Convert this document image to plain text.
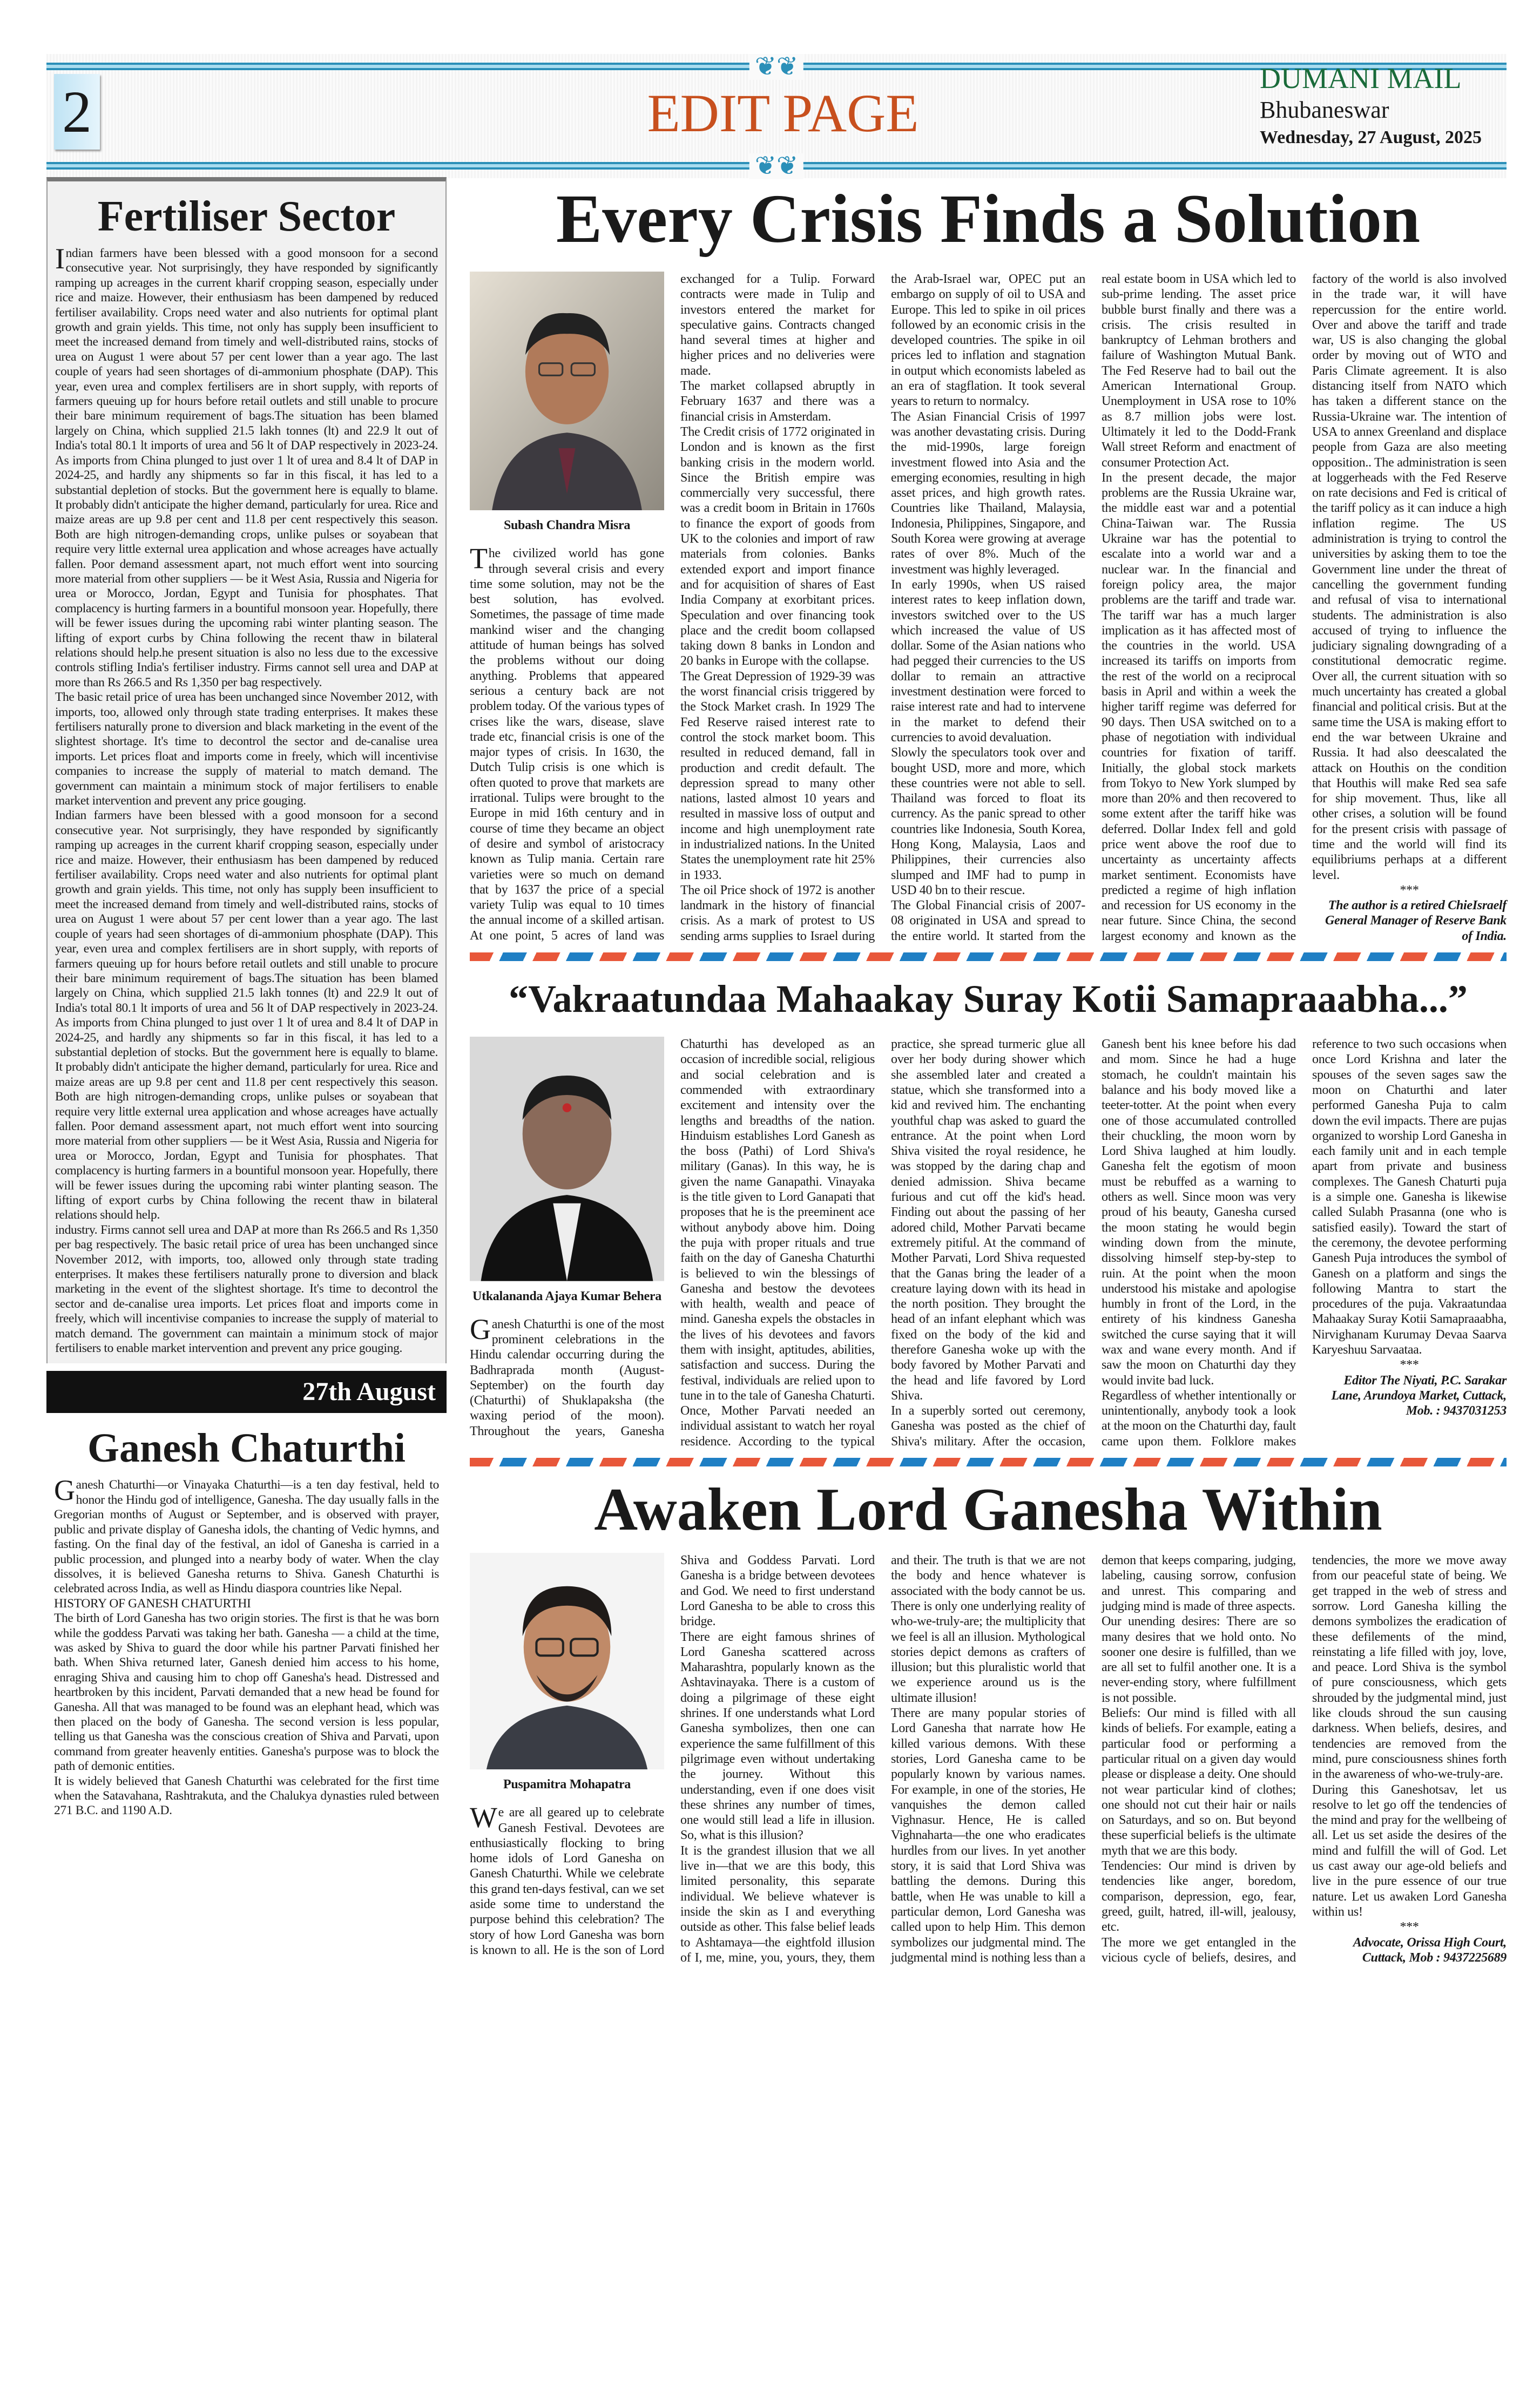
❦❦
❦❦
2	EDIT PAGE
DUMANI MAIL
Bhubaneswar
Wednesday, 27 August, 2025
Fertiliser Sector

Indian farmers have been blessed with a good monsoon for a second consecutive year. Not surprisingly, they have responded by significantly ramping up acreages in the current kharif cropping season, especially under rice and maize. However, their enthusiasm has been dampened by reduced fertiliser availability. Crops need water and also nutrients for optimal plant growth and grain yields. This time, not only has supply been insufficient to meet the increased demand from timely and well-distributed rains, stocks of urea on August 1 were about 57 per cent lower than a year ago. The last couple of years had seen shortages of di-ammonium phosphate (DAP). This year, even urea and complex fertilisers are in short supply, with reports of farmers queuing up for hours before retail outlets and still unable to procure their bare minimum requirement of bags.The situation has been blamed largely on China, which supplied 21.5 lakh tonnes (lt) and 22.9 lt out of India's total 80.1 lt imports of urea and 56 lt of DAP respectively in 2023-24. As imports from China plunged to just over 1 lt of urea and 8.4 lt of DAP in 2024-25, and hardly any shipments so far in this fiscal, it has led to a substantial depletion of stocks. But the government here is equally to blame. It probably didn't anticipate the higher demand, particularly for urea. Rice and maize areas are up 9.8 per cent and 11.8 per cent respectively this season. Both are high nitrogen-demanding crops, unlike pulses or soyabean that require very little external urea application and whose acreages have actually fallen. Poor demand assessment apart, not much effort went into sourcing more material from other suppliers — be it West Asia, Russia and Nigeria for urea or Morocco, Jordan, Egypt and Tunisia for phosphates. That complacency is hurting farmers in a bountiful monsoon year. Hopefully, there will be fewer issues during the upcoming rabi winter planting season. The lifting of export curbs by China following the recent thaw in bilateral relations should help.he present situation is also no less due to the excessive controls stifling India's fertiliser industry. Firms cannot sell urea and DAP at more than Rs 266.5 and Rs 1,350 per bag respectively.

The basic retail price of urea has been unchanged since November 2012, with imports, too, allowed only through state trading enterprises. It makes these fertilisers naturally prone to diversion and black marketing in the event of the slightest shortage. It's time to decontrol the sector and de-canalise urea imports. Let prices float and imports come in freely, which will incentivise companies to increase the supply of material to match demand. The government can maintain a minimum stock of major fertilisers to enable market intervention and prevent any price gouging.

Indian farmers have been blessed with a good monsoon for a second consecutive year. Not surprisingly, they have responded by significantly ramping up acreages in the current kharif cropping season, especially under rice and maize. However, their enthusiasm has been dampened by reduced fertiliser availability. Crops need water and also nutrients for optimal plant growth and grain yields. This time, not only has supply been insufficient to meet the increased demand from timely and well-distributed rains, stocks of urea on August 1 were about 57 per cent lower than a year ago. The last couple of years had seen shortages of di-ammonium phosphate (DAP). This year, even urea and complex fertilisers are in short supply, with reports of farmers queuing up for hours before retail outlets and still unable to procure their bare minimum requirement of bags.The situation has been blamed largely on China, which supplied 21.5 lakh tonnes (lt) and 22.9 lt out of India's total 80.1 lt imports of urea and 56 lt of DAP respectively in 2023-24. As imports from China plunged to just over 1 lt of urea and 8.4 lt of DAP in 2024-25, and hardly any shipments so far in this fiscal, it has led to a substantial depletion of stocks. But the government here is equally to blame. It probably didn't anticipate the higher demand, particularly for urea. Rice and maize areas are up 9.8 per cent and 11.8 per cent respectively this season. Both are high nitrogen-demanding crops, unlike pulses or soyabean that require very little external urea application and whose acreages have actually fallen. Poor demand assessment apart, not much effort went into sourcing more material from other suppliers — be it West Asia, Russia and Nigeria for urea or Morocco, Jordan, Egypt and Tunisia for phosphates. That complacency is hurting farmers in a bountiful monsoon year. Hopefully, there will be fewer issues during the upcoming rabi winter planting season. The lifting of export curbs by China following the recent thaw in bilateral relations should help.

industry. Firms cannot sell urea and DAP at more than Rs 266.5 and Rs 1,350 per bag respectively. The basic retail price of urea has been unchanged since November 2012, with imports, too, allowed only through state trading enterprises. It makes these fertilisers naturally prone to diversion and black marketing in the event of the slightest shortage. It's time to decontrol the sector and de-canalise urea imports. Let prices float and imports come in freely, which will incentivise companies to increase the supply of material to match demand. The government can maintain a minimum stock of major fertilisers to enable market intervention and prevent any price gouging.

27th August
Ganesh Chaturthi

Ganesh Chaturthi—or Vinayaka Chaturthi—is a ten day festival, held to honor the Hindu god of intelligence, Ganesha. The day usually falls in the Gregorian months of August or September, and is observed with prayer, public and private display of Ganesha idols, the chanting of Vedic hymns, and fasting. On the final day of the festival, an idol of Ganesha is carried in a public procession, and plunged into a nearby body of water. When the clay dissolves, it is believed Ganesha returns to Shiva. Ganesh Chaturthi is celebrated across India, as well as Hindu diaspora countries like Nepal.

HISTORY OF GANESH CHATURTHI

The birth of Lord Ganesha has two origin stories. The first is that he was born while the goddess Parvati was taking her bath. Ganesha — a child at the time, was asked by Shiva to guard the door while his partner Parvati finished her bath. When Shiva returned later, Ganesh denied him access to his home, enraging Shiva and causing him to chop off Ganesha's head. Distressed and heartbroken by this incident, Parvati demanded that a new head be found for Ganesha. All that was managed to be found was an elephant head, which was then placed on the body of Ganesha. The second version is less popular, telling us that Ganesha was the conscious creation of Shiva and Parvati, upon command from greater heavenly entities. Ganesha's purpose was to block the path of demonic entities.

It is widely believed that Ganesh Chaturthi was celebrated for the first time when the Satavahana, Rashtrakuta, and the Chalukya dynasties ruled between 271 B.C. and 1190 A.D.

Every Crisis Finds a Solution
Subash Chandra Misra

The civilized world has gone through several crisis and every time some solution, may not be the best solution, has evolved. Sometimes, the passage of time made mankind wiser and the changing attitude of human beings has solved the problems without our doing anything. Problems that appeared serious a century back are not problem today. Of the various types of crises like the wars, disease, slave trade etc, financial crisis is one of the major types of crisis. In 1630, the Dutch Tulip crisis is one which is often quoted to prove that markets are irrational. Tulips were brought to the Europe in mid 16th century and in course of time they became an object of desire and symbol of aristocracy known as Tulip mania. Certain rare varieties were so much on demand that by 1637 the price of a special variety Tulip was equal to 10 times the annual income of a skilled artisan. At one point, 5 acres of land was exchanged for a Tulip. Forward contracts were made in Tulip and investors entered the market for speculative gains. Contracts changed hand several times at higher and higher prices and no deliveries were made.

The market collapsed abruptly in February 1637 and there was a financial crisis in Amsterdam.

The Credit crisis of 1772 originated in London and is known as the first banking crisis in the modern world. Since the British empire was commercially very successful, there was a credit boom in Britain in 1760s to finance the export of goods from UK to the colonies and import of raw materials from colonies. Banks extended export and import finance and for acquisition of shares of East India Company at exorbitant prices. Speculation and over financing took place and the credit boom collapsed taking down 8 banks in London and 20 banks in Europe with the collapse.

The Great Depression of 1929-39 was the worst financial crisis triggered by the Stock Market crash. In 1929 The Fed Reserve raised interest rate to control the stock market boom. This resulted in reduced demand, fall in production and credit default. The depression spread to many other nations, lasted almost 10 years and resulted in massive loss of output and income and high unemployment rate in industrialized nations. In the United States the unemployment rate hit 25% in 1933.

The oil Price shock of 1972 is another landmark in the history of financial crisis. As a mark of protest to US sending arms supplies to Israel during the Arab-Israel war, OPEC put an embargo on supply of oil to USA and Europe. This led to spike in oil prices followed by an economic crisis in the developed countries. The spike in oil prices led to inflation and stagnation in output which economists labeled as an era of stagflation. It took several years to return to normalcy.

The Asian Financial Crisis of 1997 was another devastating crisis. During the mid-1990s, large foreign investment flowed into Asia and the emerging economies, resulting in high asset prices, and high growth rates. Countries like Thailand, Malaysia, Indonesia, Philippines, Singapore, and South Korea were growing at average rates of over 8%. Much of the investment was highly leveraged.

In early 1990s, when US raised interest rates to keep inflation down, investors switched over to the US which increased the value of US dollar. Some of the Asian nations who had pegged their currencies to the US dollar to remain an attractive investment destination were forced to raise interest rate and had to intervene in the market to defend their currencies to avoid devaluation.

Slowly the speculators took over and bought USD, more and more, which these countries were not able to sell. Thailand was forced to float its currency. As the panic spread to other countries like Indonesia, South Korea, Hong Kong, Malaysia, Laos and Philippines, their currencies also slumped and IMF had to pump in USD 40 bn to their rescue.

The Global Financial crisis of 2007-08 originated in USA and spread to the entire world. It started from the real estate boom in USA which led to sub-prime lending. The asset price bubble burst finally and there was a crisis. The crisis resulted in bankruptcy of Lehman brothers and failure of Washington Mutual Bank. The Fed Reserve had to bail out the American International Group. Unemployment in USA rose to 10% as 8.7 million jobs were lost. Ultimately it led to the Dodd-Frank Wall street Reform and enactment of consumer Protection Act.

In the present decade, the major problems are the Russia Ukraine war, the middle east war and a potential China-Taiwan war. The Russia Ukraine war has the potential to escalate into a world war and a nuclear war. In the financial and foreign policy area, the major problems are the tariff and trade war. The tariff war has a much larger implication as it has affected most of the countries in the world. USA increased its tariffs on imports from the rest of the world on a reciprocal basis in April and within a week the higher tariff regime was deferred for 90 days. Then USA switched on to a phase of negotiation with individual countries for fixation of tariff. Initially, the global stock markets from Tokyo to New York slumped by more than 20% and then recovered to some extent after the tariff hike was deferred. Dollar Index fell and gold price went above the roof due to uncertainty as uncertainty affects market sentiment. Economists have predicted a regime of high inflation and recession for US economy in the near future. Since China, the second largest economy and known as the factory of the world is also involved in the trade war, it will have repercussion for the entire world. Over and above the tariff and trade war, US is also changing the global order by moving out of WTO and Paris Climate agreement. It is also distancing itself from NATO which has taken a different stance on the Russia-Ukraine war. The intention of USA to annex Greenland and displace people from Gaza are also meeting opposition.. The administration is seen at loggerheads with the Fed Reserve on rate decisions and Fed is critical of the tariff policy as it can induce a high inflation regime. The US administration is trying to control the universities by asking them to toe the Government line under the threat of cancelling the government funding and refusal of visa to international students. The administration is also accused of trying to influence the judiciary signaling downgrading of a constitutional democratic regime. Over all, the current situation with so much uncertainty has created a global financial and political crisis. But at the same time the USA is making effort to end the war between Ukraine and Russia. It had also deescalated the attack on Houthis on the condition that Houthis will make Red sea safe for ship movement. Thus, like all other crises, a solution will be found for the present crisis with passage of time and the world will find its equilibriums perhaps at a different level.

***

The author is a retired ChieIsraelf General Manager of Reserve Bank of India.

“Vakraatundaa Mahaakay Suray Kotii Samapraaabha...”
Utkalananda Ajaya Kumar Behera

Ganesh Chaturthi is one of the most prominent celebrations in the Hindu calendar occurring during the Badhraprada month (August-September) on the fourth day (Chaturthi) of Shuklapaksha (the waxing period of the moon). Throughout the years, Ganesha Chaturthi has developed as an occasion of incredible social, religious and social celebration and is commended with extraordinary excitement and intensity over the lengths and breadths of the nation. Hinduism establishes Lord Ganesh as the boss (Pathi) of Lord Shiva's military (Ganas). In this way, he is given the name Ganapathi. Vinayaka is the title given to Lord Ganapati that proposes that he is the preeminent ace without anybody above him. Doing the puja with proper rituals and true faith on the day of Ganesha Chaturthi is believed to win the blessings of Ganesha and bestow the devotees with health, wealth and peace of mind. Ganesha expels the obstacles in the lives of his devotees and favors them with insight, aptitudes, abilities, satisfaction and success. During the festival, individuals are relied upon to tune in to the tale of Ganesha Chaturti.

Once, Mother Parvati needed an individual assistant to watch her royal residence. According to the typical practice, she spread turmeric glue all over her body during shower which she assembled later and created a statue, which she transformed into a kid and revived him. The enchanting youthful chap was asked to guard the entrance. At the point when Lord Shiva visited the royal residence, he was stopped by the daring chap and denied admission. Shiva became furious and cut off the kid's head. Finding out about the passing of her adored child, Mother Parvati became extremely pitiful. At the command of Mother Parvati, Lord Shiva requested that the Ganas bring the leader of a creature laying down with its head in the north position. They brought the head of an infant elephant which was fixed on the body of the kid and therefore Ganesha woke up with the body favored by Mother Parvati and the head and life favored by Lord Shiva.

In a superbly sorted out ceremony, Ganesha was posted as the chief of Shiva's military. After the occasion, Ganesh bent his knee before his dad and mom. Since he had a huge stomach, he couldn't maintain his balance and his body moved like a teeter-totter. At the point when every one of those accumulated controlled their chuckling, the moon worn by Lord Shiva laughed at him loudly. Ganesha felt the egotism of moon must be rebuffed as a warning to others as well. Since moon was very proud of his beauty, Ganesha cursed the moon stating he would begin winding down from the minute, dissolving himself step-by-step to ruin. At the point when the moon understood his mistake and apologise humbly in front of the Lord, in the entirety of his kindness Ganesha switched the curse saying that it will wax and wane every month. And if saw the moon on Chaturthi day they would invite bad luck.

Regardless of whether intentionally or unintentionally, anybody took a look at the moon on the Chaturthi day, fault came upon them. Folklore makes reference to two such occasions when once Lord Krishna and later the spouses of the seven sages saw the moon on Chaturthi and later performed Ganesha Puja to calm down the evil impacts. There are pujas organized to worship Lord Ganesha in each family unit and in each temple apart from private and business complexes. The Ganesh Chaturti puja is a simple one. Ganesha is likewise called Sulabh Prasanna (one who is satisfied easily). Toward the start of the ceremony, the devotee performing Ganesh Puja introduces the symbol of Ganesh on a platform and sings the following Mantra to start the procedures of the puja. Vakraatundaa Mahaakay Suray Kotii Samapraaabha, Nirvighanam Kurumay Devaa Saarva Karyeshuu Sarvaataa.

***

Editor The Niyati, P.C. Sarakar Lane, Arundoya Market, Cuttack, Mob. : 9437031253

Awaken Lord Ganesha Within
Puspamitra Mohapatra

We are all geared up to celebrate Ganesh Festival. Devotees are enthusiastically flocking to bring home idols of Lord Ganesha on Ganesh Chaturthi. While we celebrate this grand ten-days festival, can we set aside some time to understand the purpose behind this celebration? The story of how Lord Ganesha was born is known to all. He is the son of Lord Shiva and Goddess Parvati. Lord Ganesha is a bridge between devotees and God. We need to first understand Lord Ganesha to be able to cross this bridge.

There are eight famous shrines of Lord Ganesha scattered across Maharashtra, popularly known as the Ashtavinayaka. There is a custom of doing a pilgrimage of these eight shrines. If one understands what Lord Ganesha symbolizes, then one can experience the same fulfillment of this pilgrimage even without undertaking the journey. Without this understanding, even if one does visit these shrines any number of times, one would still lead a life in illusion. So, what is this illusion?

It is the grandest illusion that we all live in—that we are this body, this limited personality, this separate individual. We believe whatever is inside the skin as I and everything outside as other. This false belief leads to Ashtamaya—the eightfold illusion of I, me, mine, you, yours, they, them and their. The truth is that we are not the body and hence whatever is associated with the body cannot be us. There is only one underlying reality of who-we-truly-are; the multiplicity that we feel is all an illusion. Mythological stories depict demons as crafters of illusion; but this pluralistic world that we experience around us is the ultimate illusion!

There are many popular stories of Lord Ganesha that narrate how He killed various demons. With these stories, Lord Ganesha came to be popularly known by various names. For example, in one of the stories, He vanquishes the demon called Vighnasur. Hence, He is called Vighnaharta—the one who eradicates hurdles from our lives. In yet another story, it is said that Lord Shiva was battling the demons. During this battle, when He was unable to kill a particular demon, Lord Ganesha was called upon to help Him. This demon symbolizes our judgmental mind. The judgmental mind is nothing less than a demon that keeps comparing, judging, labeling, causing sorrow, confusion and unrest. This comparing and judging mind is made of three aspects.

Our unending desires: There are so many desires that we hold onto. No sooner one desire is fulfilled, than we are all set to fulfil another one. It is a never-ending story, where fulfillment is not possible.

Beliefs: Our mind is filled with all kinds of beliefs. For example, eating a particular food or performing a particular ritual on a given day would please or displease a deity. One should not wear particular kind of clothes; one should not cut their hair or nails on Saturdays, and so on. But beyond these superficial beliefs is the ultimate myth that we are this body.

Tendencies: Our mind is driven by tendencies like anger, boredom, comparison, depression, ego, fear, greed, guilt, hatred, ill-will, jealousy, etc.

The more we get entangled in the vicious cycle of beliefs, desires, and tendencies, the more we move away from our peaceful state of being. We get trapped in the web of stress and sorrow. Lord Ganesha killing the demons symbolizes the eradication of these defilements of the mind, reinstating a life filled with joy, love, and peace. Lord Shiva is the symbol of pure consciousness, which gets shrouded by the judgmental mind, just like clouds shroud the sun causing darkness. When beliefs, desires, and tendencies are removed from the mind, pure consciousness shines forth in the awareness of who-we-truly-are.

During this Ganeshotsav, let us resolve to let go off the tendencies of the mind and pray for the wellbeing of all. Let us set aside the desires of the mind and fulfill the will of God. Let us cast away our age-old beliefs and live in the pure essence of our true nature. Let us awaken Lord Ganesha within us!

***

Advocate, Orissa High Court, Cuttack, Mob : 9437225689
